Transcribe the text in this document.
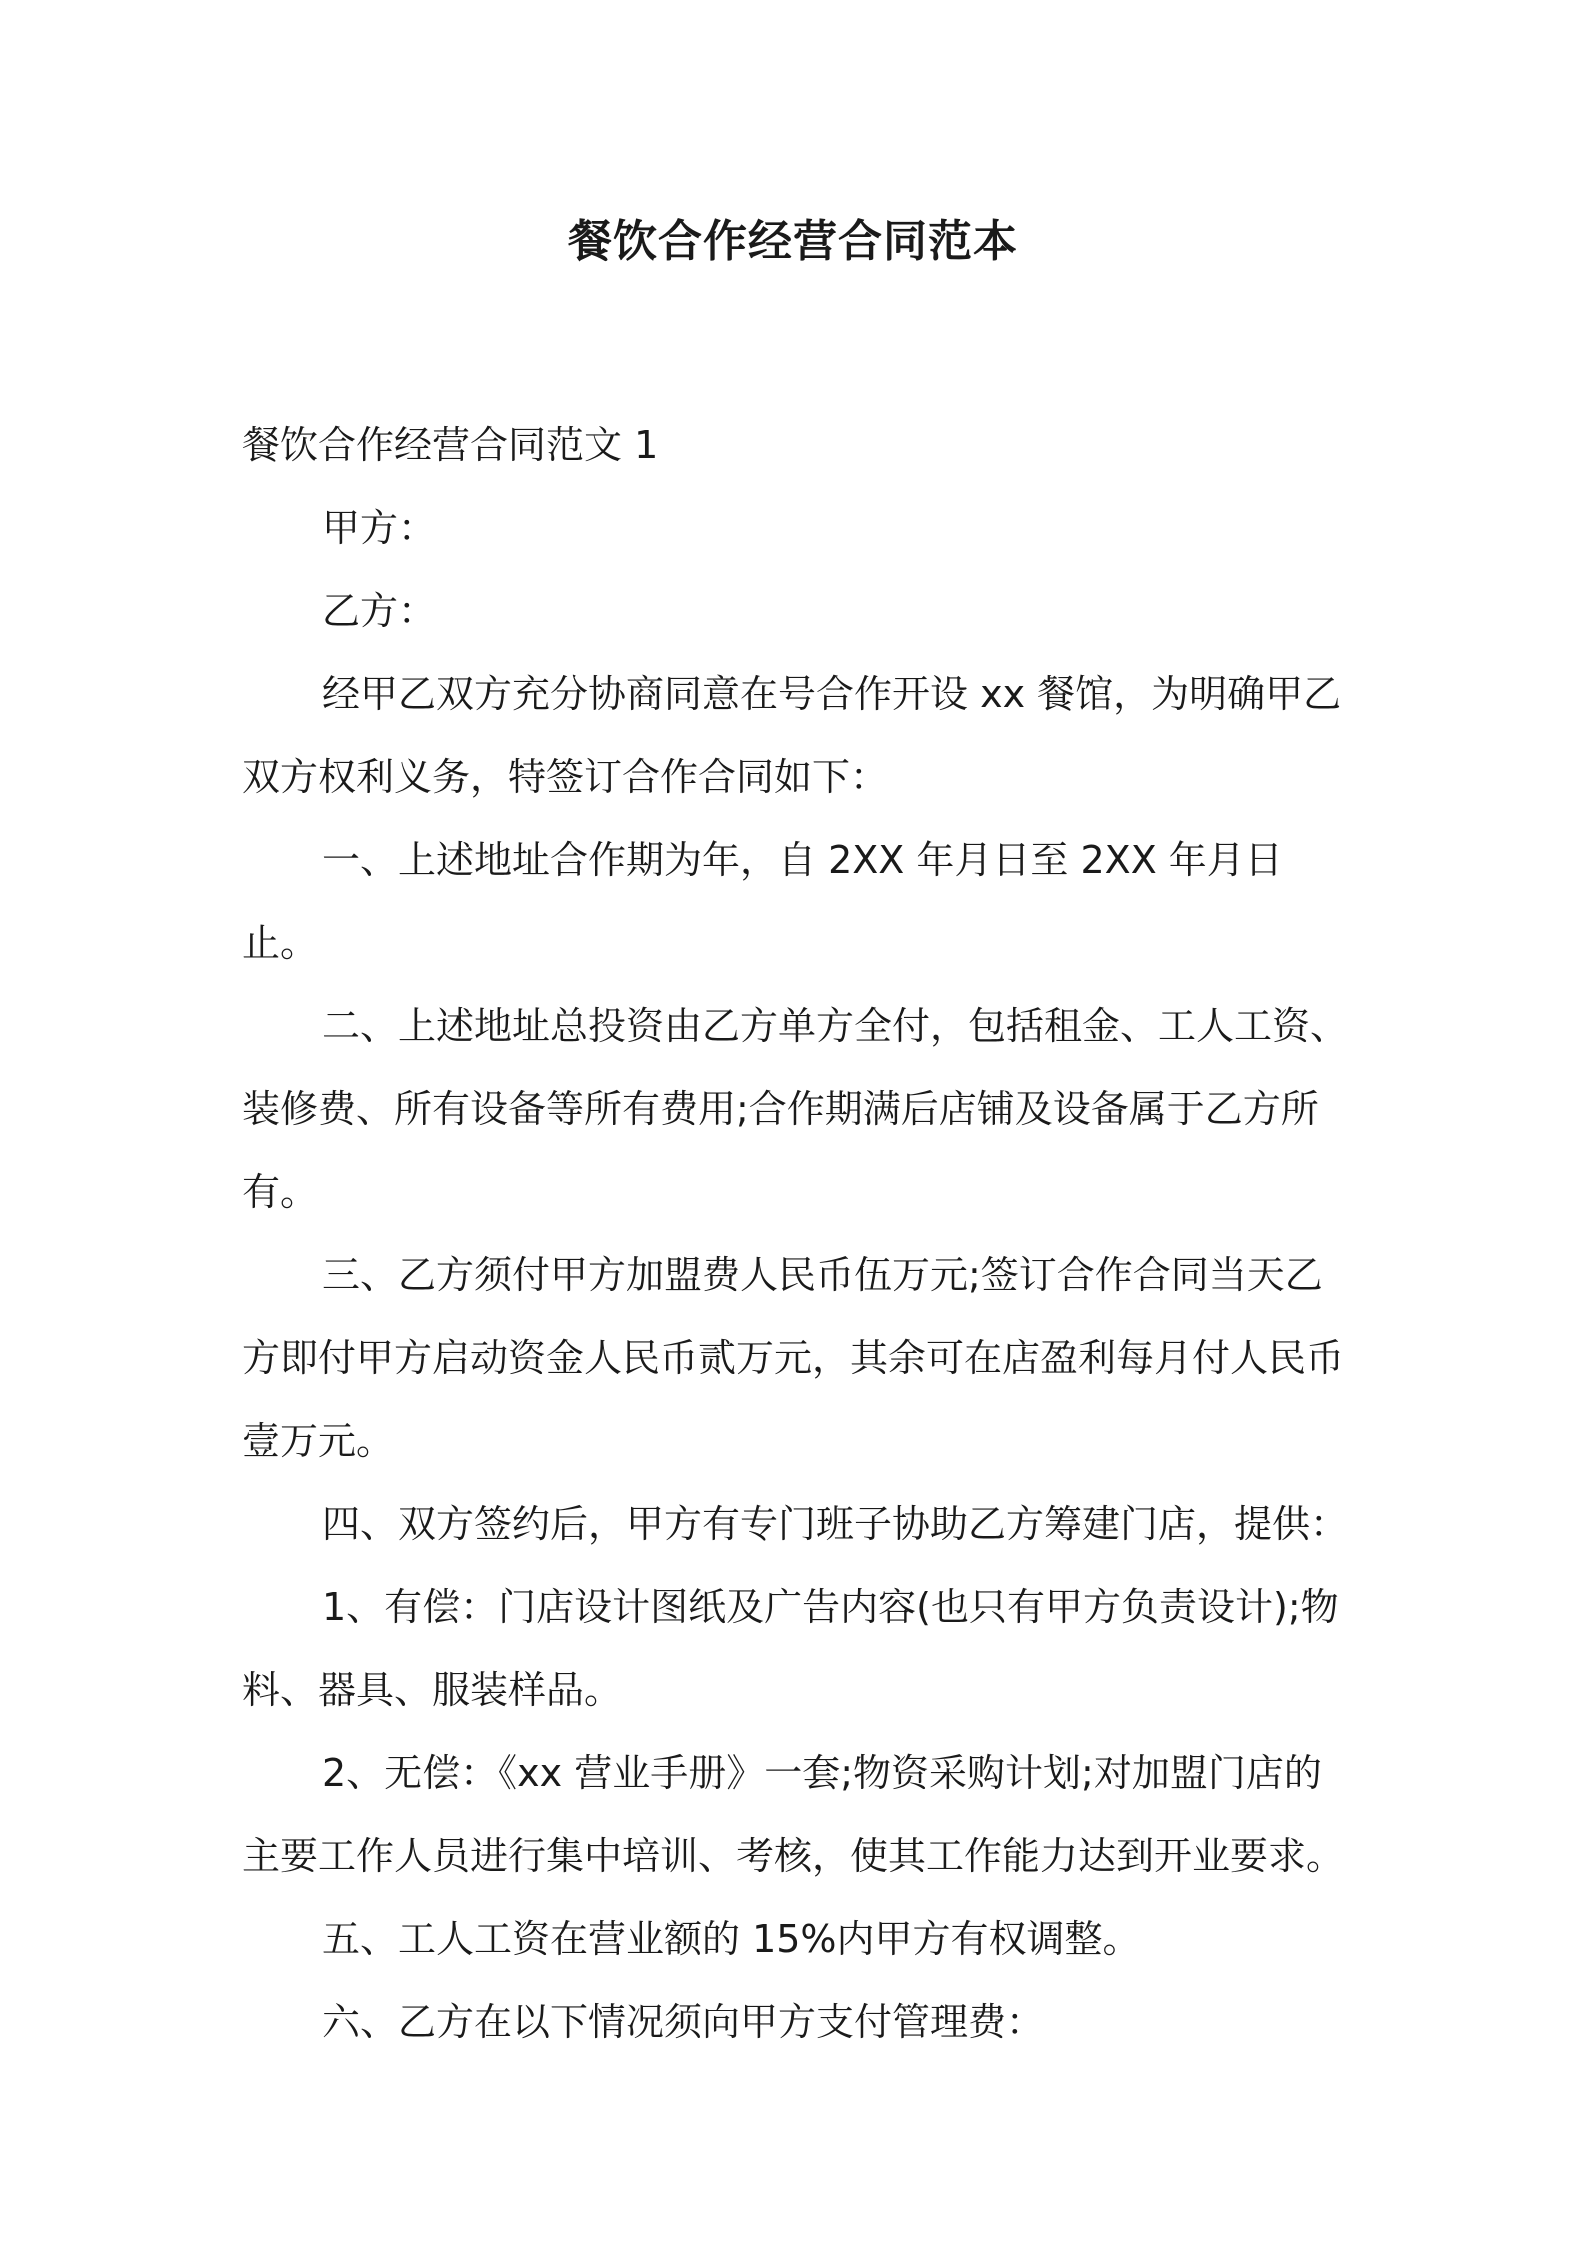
餐饮合作经营合同范本
餐饮合作经营合同范文 1
甲方：
乙方：
经甲乙双方充分协商同意在号合作开设 xx 餐馆，为明确甲乙双方权利义务，特签订合作合同如下：
一、上述地址合作期为年，自 2XX 年月日至 2XX 年月日止。
二、上述地址总投资由乙方单方全付，包括租金、工人工资、装修费、所有设备等所有费用;合作期满后店铺及设备属于乙方所有。
三、乙方须付甲方加盟费人民币伍万元;签订合作合同当天乙方即付甲方启动资金人民币贰万元，其余可在店盈利每月付人民币壹万元。
四、双方签约后，甲方有专门班子协助乙方筹建门店，提供：
1、有偿：门店设计图纸及广告内容(也只有甲方负责设计);物料、器具、服装样品。
2、无偿：《xx 营业手册》一套;物资采购计划;对加盟门店的主要工作人员进行集中培训、考核，使其工作能力达到开业要求。
五、工人工资在营业额的 15%内甲方有权调整。
六、乙方在以下情况须向甲方支付管理费：
